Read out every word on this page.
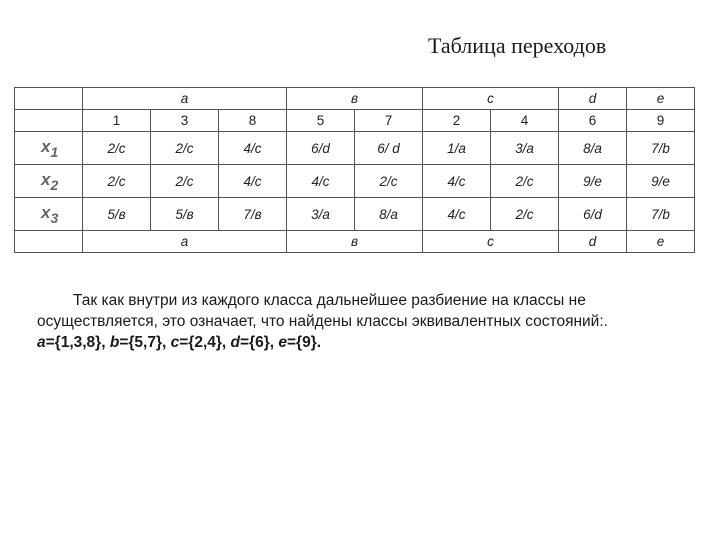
Таблица переходов
	a			в		c		d	e
	1	3	8	5	7	2	4	6	9
$x_1$	2/c	2/c	4/c	6/d	6/ d	1/a	3/a	8/a	7/b
$x_2$	2/c	2/c	4/c	4/c	2/c	4/c	2/c	9/e	9/e
$x_3$	5/в	5/в	7/в	3/a	8/a	4/c	2/c	6/d	7/b
	a			в		c		d	e
Так как внутри из каждого класса дальнейшее разбиение на классы не
осуществляется, это означает, что найдены классы эквивалентных состояний:.
a={1,3,8}, b={5,7}, c={2,4}, d={6}, e={9}.
